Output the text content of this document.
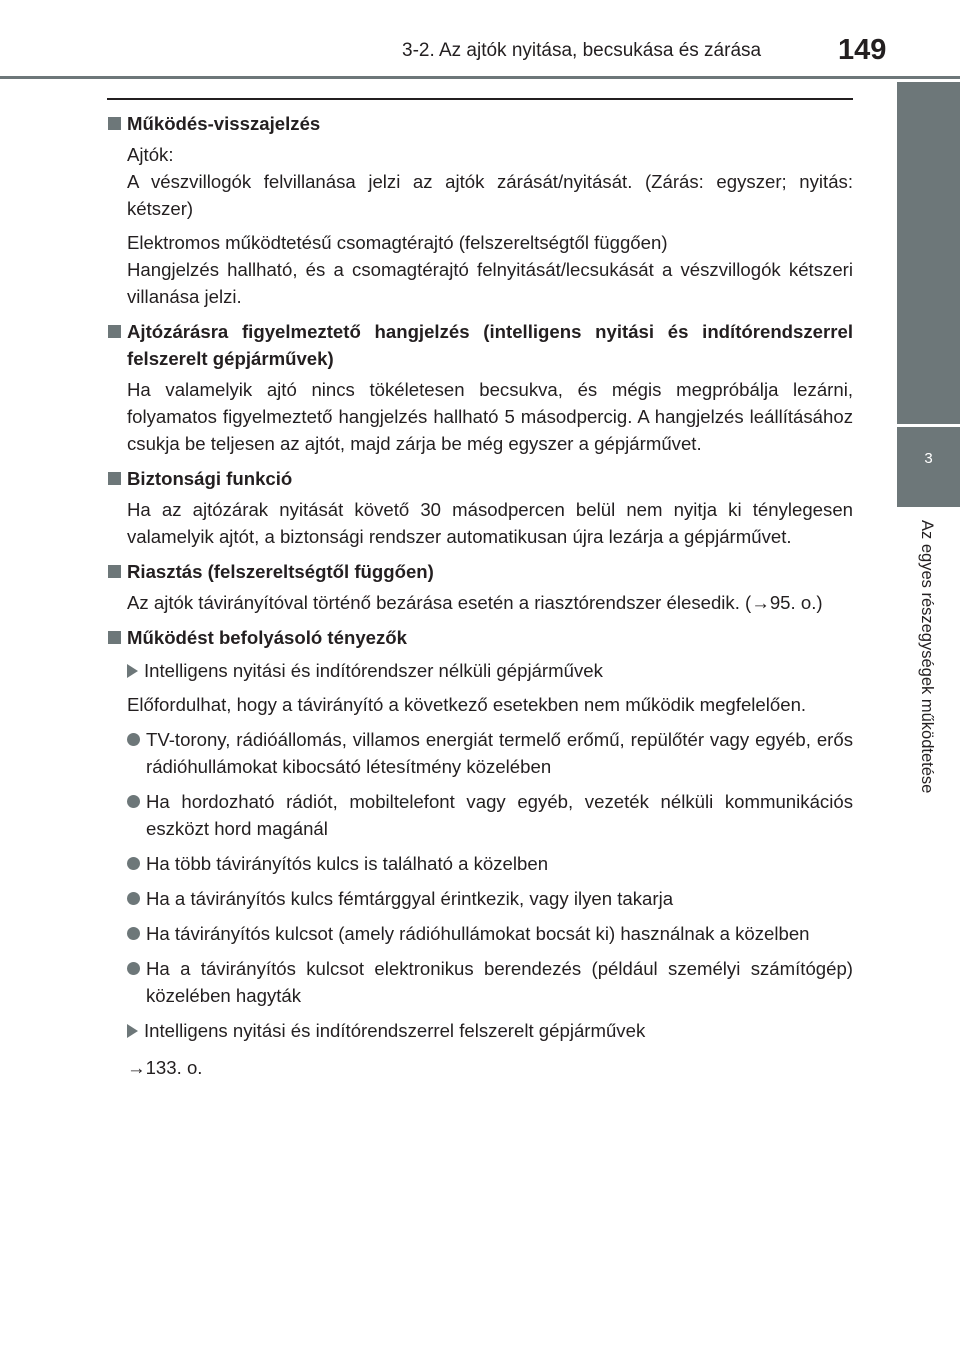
3-2. Az ajtók nyitása, becsukása és zárása	149
3
Az egyes részegységek működtetése
Működés-visszajelzés
Ajtók:
A vészvillogók felvillanása jelzi az ajtók zárását/nyitását. (Zárás: egyszer; nyitás: kétszer)
Elektromos működtetésű csomagtérajtó (felszereltségtől függően)
Hangjelzés hallható, és a csomagtérajtó felnyitását/lecsukását a vészvillogók kétszeri villanása jelzi.
Ajtózárásra figyelmeztető hangjelzés (intelligens nyitási és indítórendszerrel felszerelt gépjárművek)
Ha valamelyik ajtó nincs tökéletesen becsukva, és mégis megpróbálja lezárni, folyamatos figyelmeztető hangjelzés hallható 5 másodpercig. A hangjelzés leállításához csukja be teljesen az ajtót, majd zárja be még egyszer a gépjárművet.
Biztonsági funkció
Ha az ajtózárak nyitását követő 30 másodpercen belül nem nyitja ki ténylegesen valamelyik ajtót, a biztonsági rendszer automatikusan újra lezárja a gépjárművet.
Riasztás (felszereltségtől függően)
Az ajtók távirányítóval történő bezárása esetén a riasztórendszer élesedik. (→95. o.)
Működést befolyásoló tényezők
Intelligens nyitási és indítórendszer nélküli gépjárművek
Előfordulhat, hogy a távirányító a következő esetekben nem működik megfelelően.
TV-torony, rádióállomás, villamos energiát termelő erőmű, repülőtér vagy egyéb, erős rádióhullámokat kibocsátó létesítmény közelében
Ha hordozható rádiót, mobiltelefont vagy egyéb, vezeték nélküli kommunikációs eszközt hord magánál
Ha több távirányítós kulcs is található a közelben
Ha a távirányítós kulcs fémtárggyal érintkezik, vagy ilyen takarja
Ha távirányítós kulcsot (amely rádióhullámokat bocsát ki) használnak a közelben
Ha a távirányítós kulcsot elektronikus berendezés (például személyi számítógép) közelében hagyták
Intelligens nyitási és indítórendszerrel felszerelt gépjárművek
→133. o.
